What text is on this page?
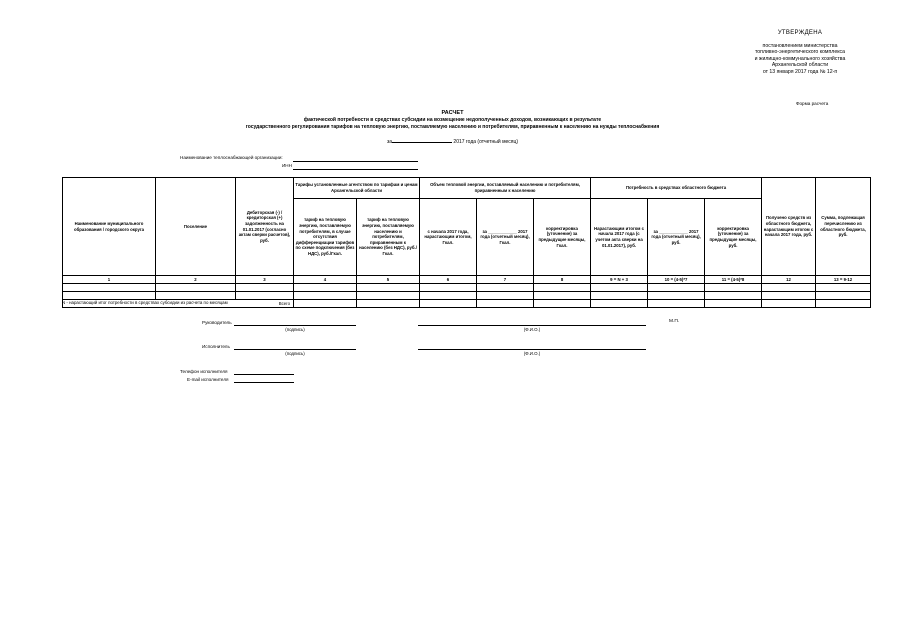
УТВЕРЖДЕНА
постановлением министерства
топливно-энергетического комплекса
и жилищно-коммунального хозяйства
Архангельской области
от 13 января 2017 года № 12-п
Форма расчета
РАСЧЕТ
фактической потребности в средствах субсидии на возмещение недополученных доходов, возникающих в результате
государственного регулирования тарифов на тепловую энергию, поставляемую населению и потребителям, приравненным к населению на нужды теплоснабжения
за	2017 года (отчетный месяц)
Наименование теплоснабжающей организации:
ИНН
Наименование муниципального образования / городского округа	Поселение	Дебиторская (-) / кредиторская (+) задолженность на 01.01.2017 (согласно актам сверки расчетов), руб.	Тарифы установленные агентством по тарифам и ценам Архангельской области		Объем тепловой энергии, поставляемый населению и потребителям, приравненным к населению			Потребность в средствах областного бюджета			Получено средств из областного бюджета, нарастающим итогом с начала 2017 года, руб.	Сумма, подлежащая перечислению из областного бюджета, руб.
			тариф на тепловую энергию, поставляемую потребителям, в случае отсутствия дифференциации тарифов по схеме подключения (без НДС), руб./Гкал.	тариф на тепловую энергию, поставляемую населению и потребителям, приравненным к населению (без НДС), руб./Гкал.	с начала 2017 года, нарастающим итогом, Гкал.	за ____________ 2017 года (отчетный месяц), Гкал.	корректировка (уточнение) за предыдущие месяцы, Гкал.	Нарастающим итогом с начала 2017 года (с учетом акта сверки на 01.01.2017), руб.	за ____________ 2017 года (отчетный месяц), руб.	корректировка (уточнение) за предыдущие месяцы, руб.		
1	2	3	4	5	6	7	8	9 = N + 3	10 = (4-5)*7	11 = (4-5)*8	12	13 = 9-12

Всего												
N - нарастающий итог потребности в средствах субсидии из расчета по месяцам
Руководитель
(подпись)	(Ф.И.О.)
М.П.
Исполнитель
(подпись)	(Ф.И.О.)
Телефон исполнителя
E-mail исполнителя
